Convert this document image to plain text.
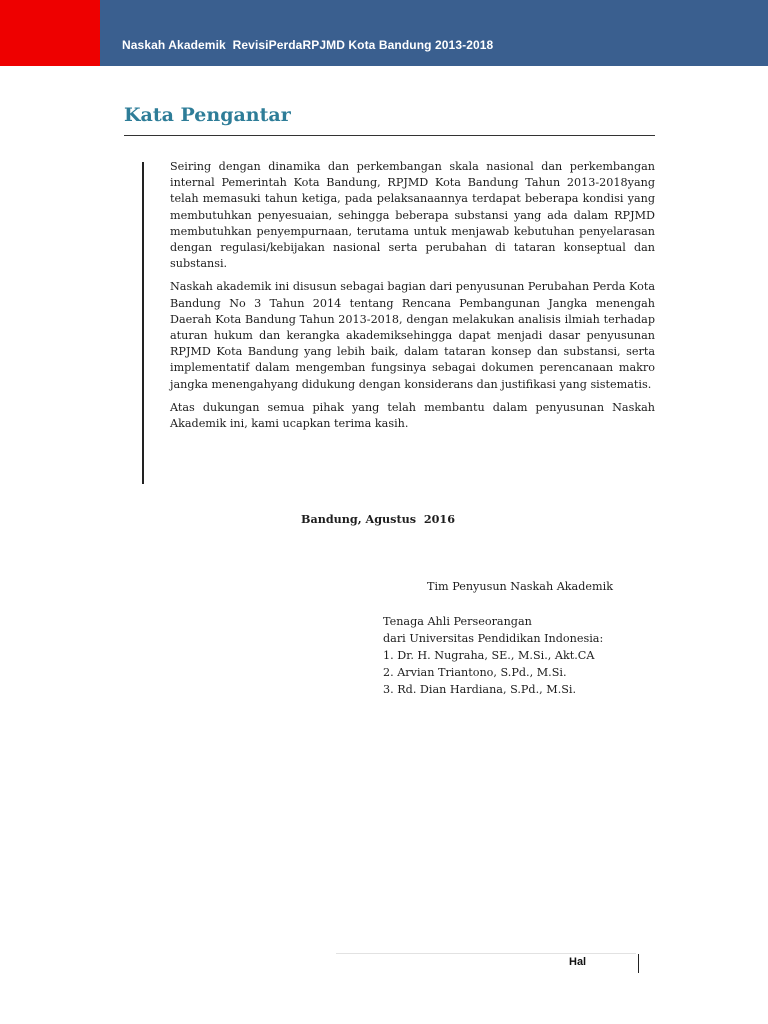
Naskah Akademik  RevisiPerdaRPJMD Kota Bandung 2013-2018
Kata Pengantar

Seiring dengan dinamika dan perkembangan skala nasional dan perkembangan internal Pemerintah Kota Bandung, RPJMD Kota Bandung Tahun 2013-2018yang telah memasuki tahun ketiga, pada pelaksanaannya terdapat beberapa kondisi yang membutuhkan penyesuaian, sehingga beberapa substansi yang ada dalam RPJMD membutuhkan penyempurnaan, terutama untuk menjawab kebutuhan penyelarasan dengan regulasi/kebijakan nasional serta perubahan di tataran konseptual dan substansi.

Naskah akademik ini disusun sebagai bagian dari penyusunan Perubahan Perda Kota Bandung No 3 Tahun 2014 tentang Rencana Pembangunan Jangka menengah Daerah Kota Bandung Tahun 2013-2018, dengan melakukan analisis ilmiah terhadap aturan hukum dan kerangka akademiksehingga dapat menjadi dasar penyusunan RPJMD Kota Bandung yang lebih baik, dalam tataran konsep dan substansi, serta implementatif dalam mengemban fungsinya sebagai dokumen perencanaan makro jangka menengahyang didukung dengan konsiderans dan justifikasi yang sistematis.

Atas dukungan semua pihak yang telah membantu dalam penyusunan Naskah Akademik ini, kami ucapkan terima kasih.

Bandung, Agustus  2016
Tim Penyusun Naskah Akademik
Tenaga Ahli Perseorangan
dari Universitas Pendidikan Indonesia:
1. Dr. H. Nugraha, SE., M.Si., Akt.CA
2. Arvian Triantono, S.Pd., M.Si.
3. Rd. Dian Hardiana, S.Pd., M.Si.
Hal
